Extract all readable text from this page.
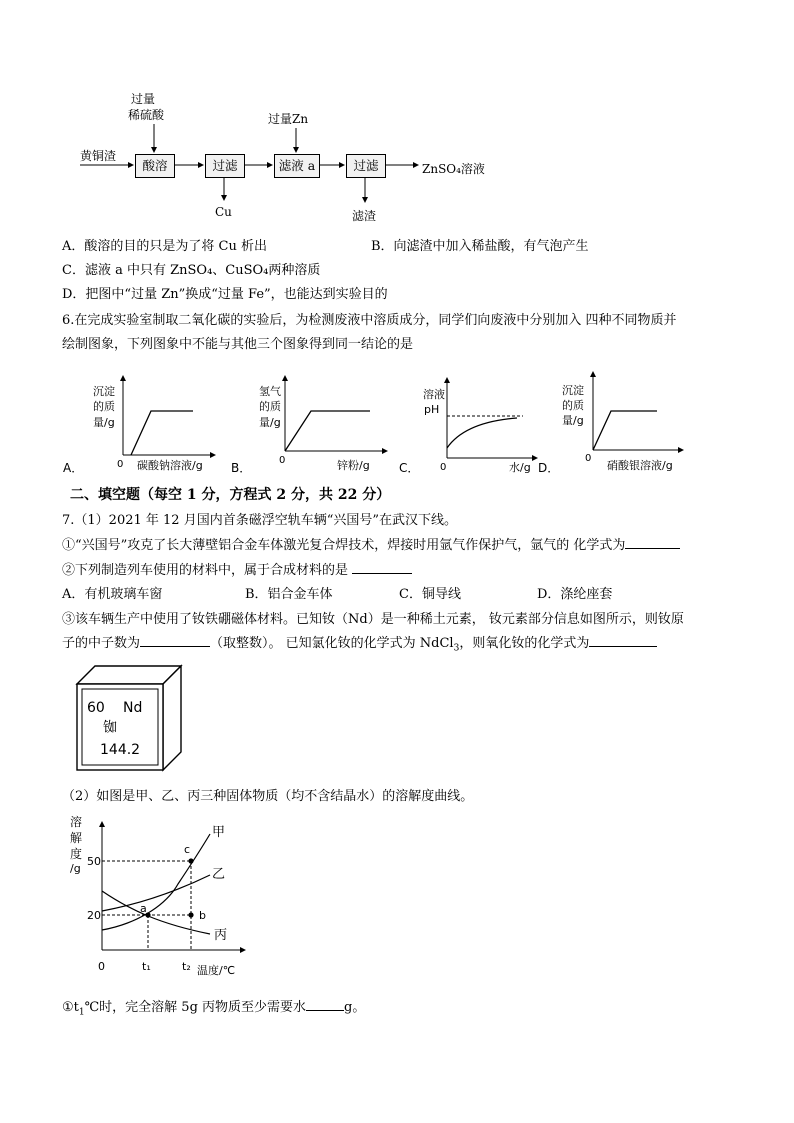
过量
稀硫酸
黄铜渣
酸溶	过滤
Cu
过量Zn
滤液 a	过滤
滤渣
ZnSO₄溶液
A．酸溶的目的只是为了将 Cu 析出	B．向滤渣中加入稀盐酸，有气泡产生
C．滤液 a 中只有 ZnSO₄、CuSO₄两种溶质
D．把图中“过量 Zn”换成“过量 Fe”，也能达到实验目的
6.在完成实验室制取二氧化碳的实验后，为检测废液中溶质成分，同学们向废液中分别加入 四种不同物质并
绘制图象，下列图象中不能与其他三个图象得到同一结论的是
A．
沉淀
的质
量/g
0 碳酸钠溶液/g B．
氢气
的质
量/g
0	锌粉/g C．
溶液
pH
0	水/g D．
沉淀
的质
量/g
0
硝酸银溶液/g
二、填空题（每空 1 分，方程式 2 分，共 22 分）
7.（1）2021 年 12 月国内首条磁浮空轨车辆“兴国号”在武汉下线。
①“兴国号”攻克了长大薄壁铝合金车体激光复合焊技术，焊接时用氩气作保护气，氩气的 化学式为
②下列制造列车使用的材料中，属于合成材料的是
A．有机玻璃车窗	B．铝合金车体	C．铜导线	D．涤纶座套
③该车辆生产中使用了钕铁硼磁体材料。已知钕（Nd）是一种稀土元素， 钕元素部分信息如图所示，则钕原
子的中子数为	（取整数）。 已知氯化钕的化学式为 NdCl$_3$，则氧化钕的化学式为
60 Nd
铷
144.2
（2）如图是甲、乙、丙三种固体物质（均不含结晶水）的溶解度曲线。
溶
解
度
/g
甲
乙
丙
a
b
c
50
20
0	t₁	t₂ 温度/℃
$①t_1℃$时，完全溶解 5g 丙物质至少需要水	g。
